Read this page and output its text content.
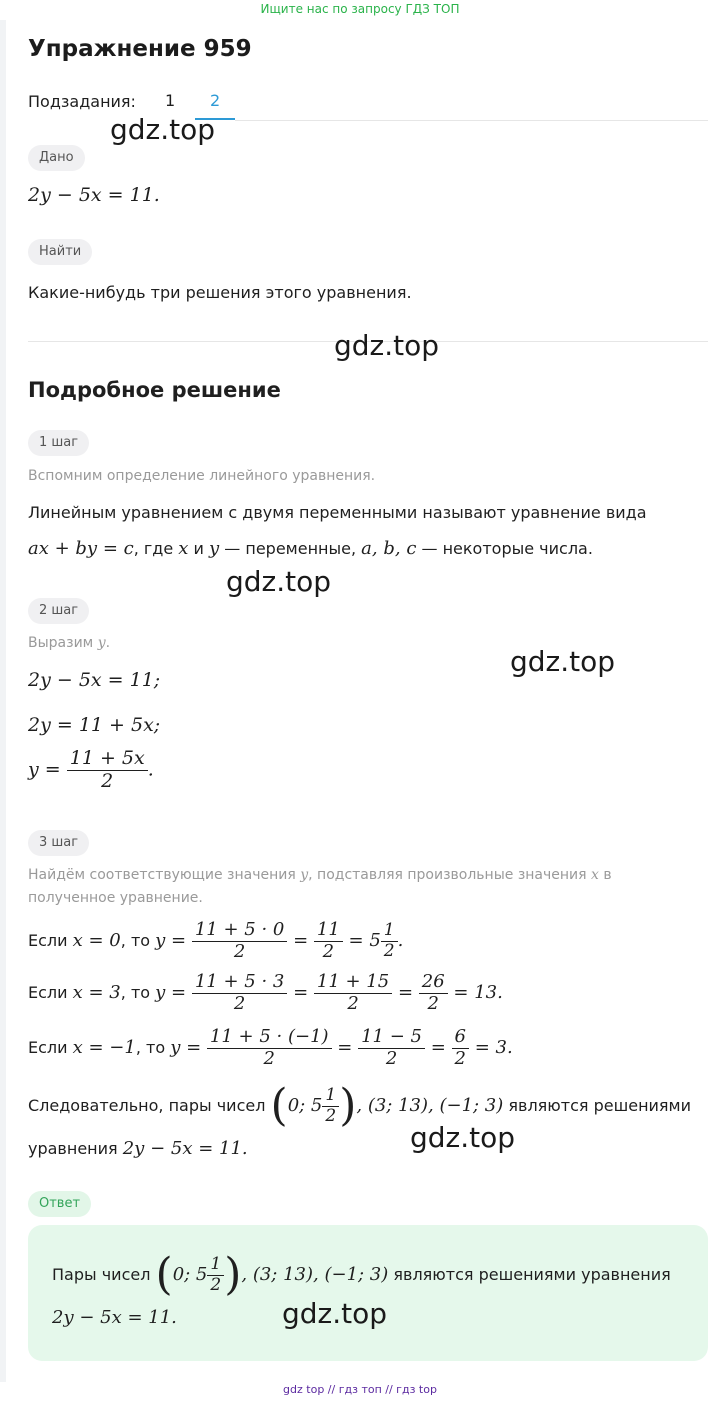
Ищите нас по запросу ГДЗ ТОП
Упражнение 959
Подзадания: 1 2
Дано
2y − 5x = 11.
Найти
Какие-нибудь три решения этого уравнения.
Подробное решение
1 шаг
Вспомним определение линейного уравнения.
Линейным уравнением с двумя переменными называют уравнение вида
ax + by = c, где x и y — переменные, a, b, c — некоторые числа.
2 шаг
Выразим y.
2y − 5x = 11;
2y = 11 + 5x;
$y = \frac{11 + 5x}{2}$ .
3 шаг
Найдём соответствующие значения y, подставляя произвольные значения x в
полученное уравнение.
Если x = 0, то $y = \frac{11 + 5 \cdot 0}{2} = \frac{11}{2} = 5 \frac{1}{2}$ .
Если x = 3, то $y = \frac{11 + 5 \cdot 3}{2} = \frac{11 + 15}{2} = \frac{26}{2} = 13$.
Если x = −1, то $y = \frac{11 + 5 \cdot (-1)}{2} = \frac{11 - 5}{2} = \frac{6}{2} = 3$.
Следовательно, пары чисел (0; $5 \frac{1}{2}$ ), (3; 13), (−1; 3) являются решениями
уравнения 2y − 5x = 11.
Ответ
Пары чисел (0; $5 \frac{1}{2}$ ), (3; 13), (−1; 3) являются решениями уравнения
2y − 5x = 11.
gdz.top
gdz.top
gdz.top
gdz.top
gdz.top
gdz.top
gdz top // гдз топ // гдз top
